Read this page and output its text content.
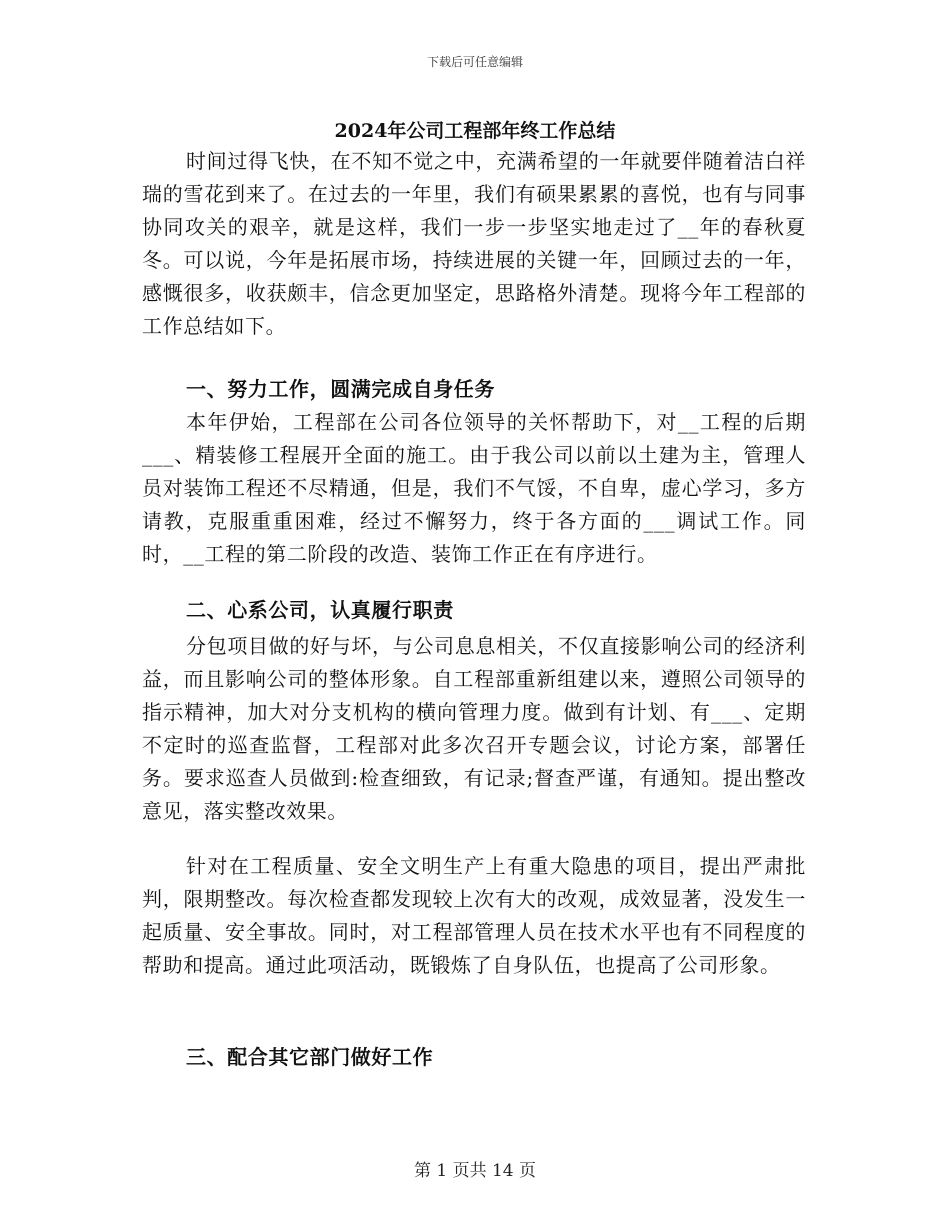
下载后可任意编辑
2024年公司工程部年终工作总结

时间过得飞快，在不知不觉之中，充满希望的一年就要伴随着洁白祥瑞的雪花到来了。在过去的一年里，我们有硕果累累的喜悦，也有与同事协同攻关的艰辛，就是这样，我们一步一步坚实地走过了__年的春秋夏冬。可以说，今年是拓展市场，持续进展的关键一年，回顾过去的一年，感慨很多，收获颇丰，信念更加坚定，思路格外清楚。现将今年工程部的工作总结如下。

一、努力工作，圆满完成自身任务

本年伊始，工程部在公司各位领导的关怀帮助下，对__工程的后期___、精装修工程展开全面的施工。由于我公司以前以土建为主，管理人员对装饰工程还不尽精通，但是，我们不气馁，不自卑，虚心学习，多方请教，克服重重困难，经过不懈努力，终于各方面的___调试工作。同时，__工程的第二阶段的改造、装饰工作正在有序进行。

二、心系公司，认真履行职责

分包项目做的好与坏，与公司息息相关，不仅直接影响公司的经济利益，而且影响公司的整体形象。自工程部重新组建以来，遵照公司领导的指示精神，加大对分支机构的横向管理力度。做到有计划、有___、定期不定时的巡查监督，工程部对此多次召开专题会议，讨论方案，部署任务。要求巡查人员做到:检查细致，有记录;督查严谨，有通知。提出整改意见，落实整改效果。

针对在工程质量、安全文明生产上有重大隐患的项目，提出严肃批判，限期整改。每次检查都发现较上次有大的改观，成效显著，没发生一起质量、安全事故。同时，对工程部管理人员在技术水平也有不同程度的帮助和提高。通过此项活动，既锻炼了自身队伍，也提高了公司形象。

三、配合其它部门做好工作

第 1 页共 14 页
